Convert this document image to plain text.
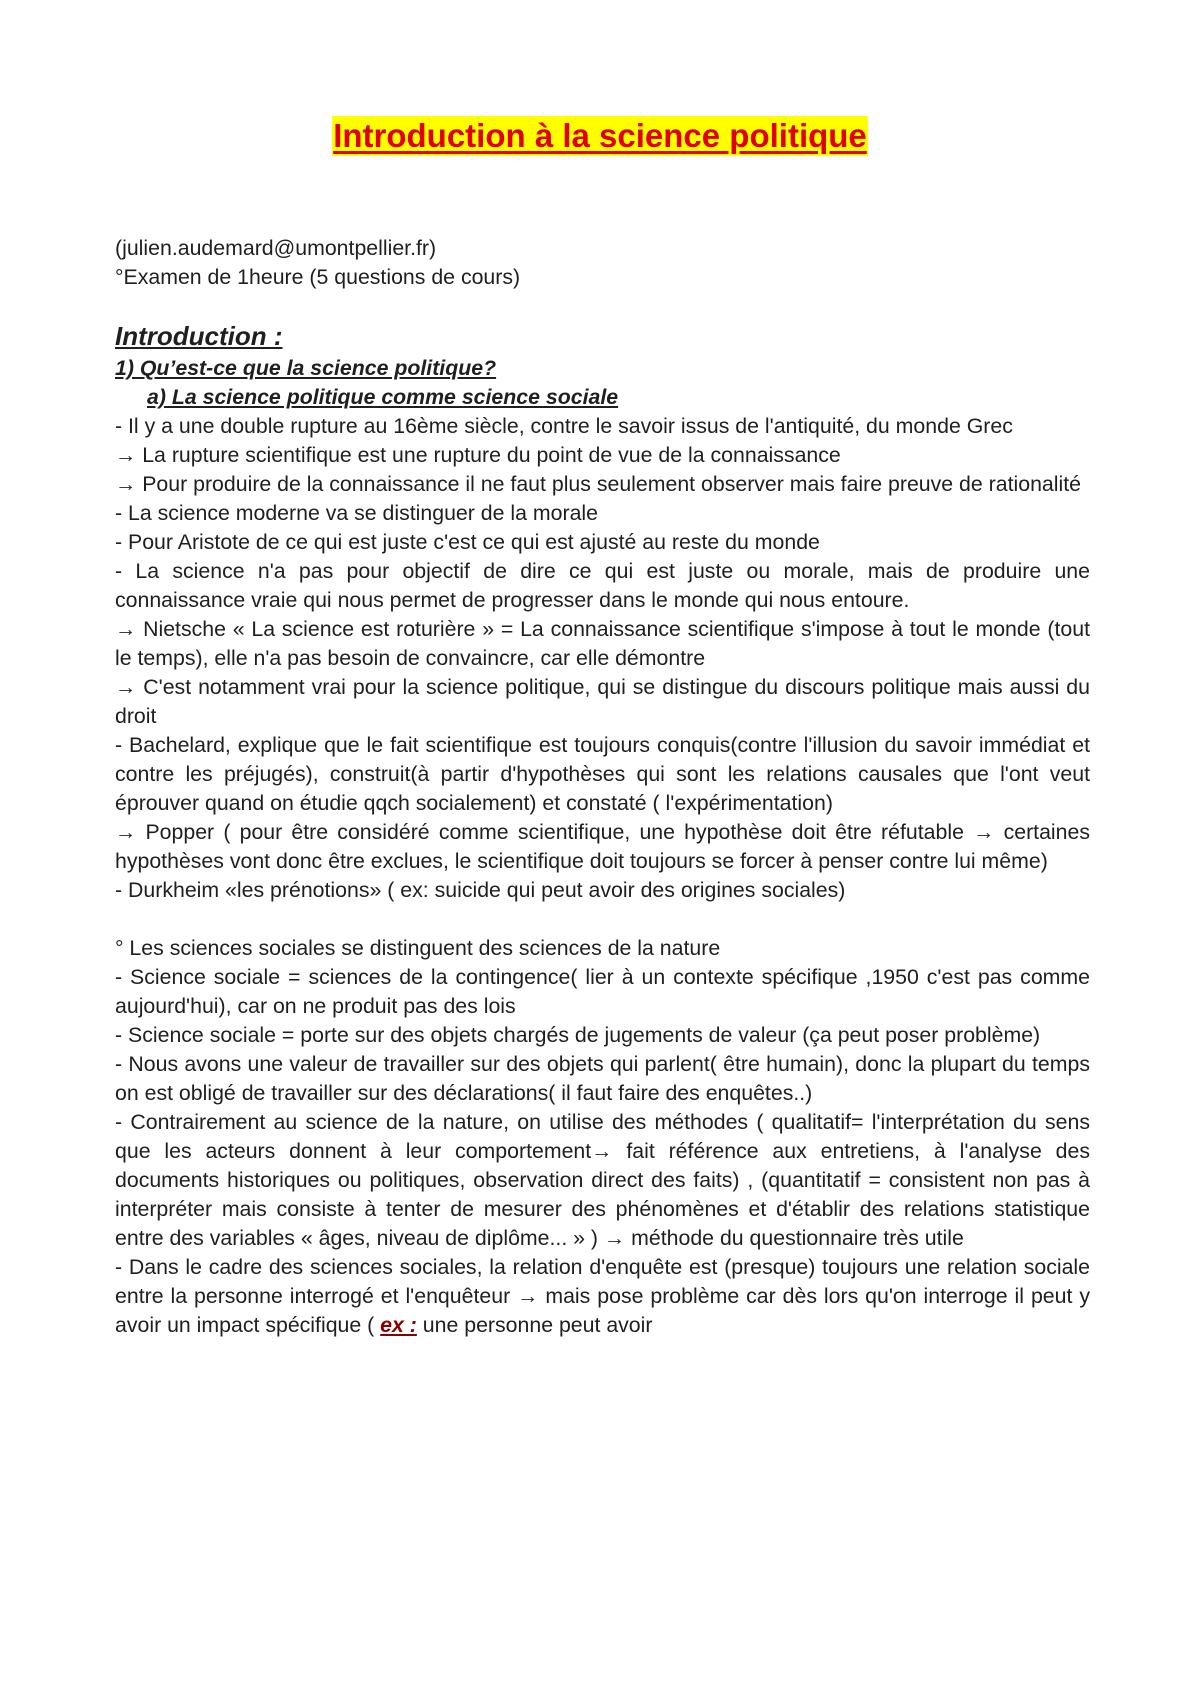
Introduction à la science politique

(julien.audemard@umontpellier.fr)

°Examen de 1heure (5 questions de cours)

Introduction :

1) Qu’est-ce que la science politique?

a) La science politique comme science sociale

- Il y a une double rupture au 16ème siècle, contre le savoir issus de l'antiquité, du monde Grec

→ La rupture scientifique est une rupture du point de vue de la connaissance

→ Pour produire de la connaissance il ne faut plus seulement observer mais faire preuve de rationalité

- La science moderne va se distinguer de la morale

- Pour Aristote de ce qui est juste c'est ce qui est ajusté au reste du monde

- La science n'a pas pour objectif de dire ce qui est juste ou morale, mais de produire une connaissance vraie qui nous permet de progresser dans le monde qui nous entoure.

→ Nietsche « La science est roturière » = La connaissance scientifique s'impose à tout le monde (tout le temps), elle n'a pas besoin de convaincre, car elle démontre

→ C'est notamment vrai pour la science politique, qui se distingue du discours politique mais aussi du droit

- Bachelard, explique que le fait scientifique est toujours conquis(contre l'illusion du savoir immédiat et contre les préjugés), construit(à partir d'hypothèses qui sont les relations causales que l'ont veut éprouver quand on étudie qqch socialement) et constaté ( l'expérimentation)

→ Popper ( pour être considéré comme scientifique, une hypothèse doit être réfutable → certaines hypothèses vont donc être exclues, le scientifique doit toujours se forcer à penser contre lui même)

- Durkheim «les prénotions» ( ex: suicide qui peut avoir des origines sociales)

° Les sciences sociales se distinguent des sciences de la nature

- Science sociale = sciences de la contingence( lier à un contexte spécifique ,1950 c'est pas comme aujourd'hui), car on ne produit pas des lois

- Science sociale = porte sur des objets chargés de jugements de valeur (ça peut poser problème)

- Nous avons une valeur de travailler sur des objets qui parlent( être humain), donc la plupart du temps on est obligé de travailler sur des déclarations( il faut faire des enquêtes..)

- Contrairement au science de la nature, on utilise des méthodes ( qualitatif= l'interprétation du sens que les acteurs donnent à leur comportement→ fait référence aux entretiens, à l'analyse des documents historiques ou politiques, observation direct des faits) , (quantitatif = consistent non pas à interpréter mais consiste à tenter de mesurer des phénomènes et d'établir des relations statistique entre des variables « âges, niveau de diplôme... » ) → méthode du questionnaire très utile

- Dans le cadre des sciences sociales, la relation d'enquête est (presque) toujours une relation sociale entre la personne interrogé et l'enquêteur → mais pose problème car dès lors qu'on interroge il peut y avoir un impact spécifique ( ex : une personne peut avoir
